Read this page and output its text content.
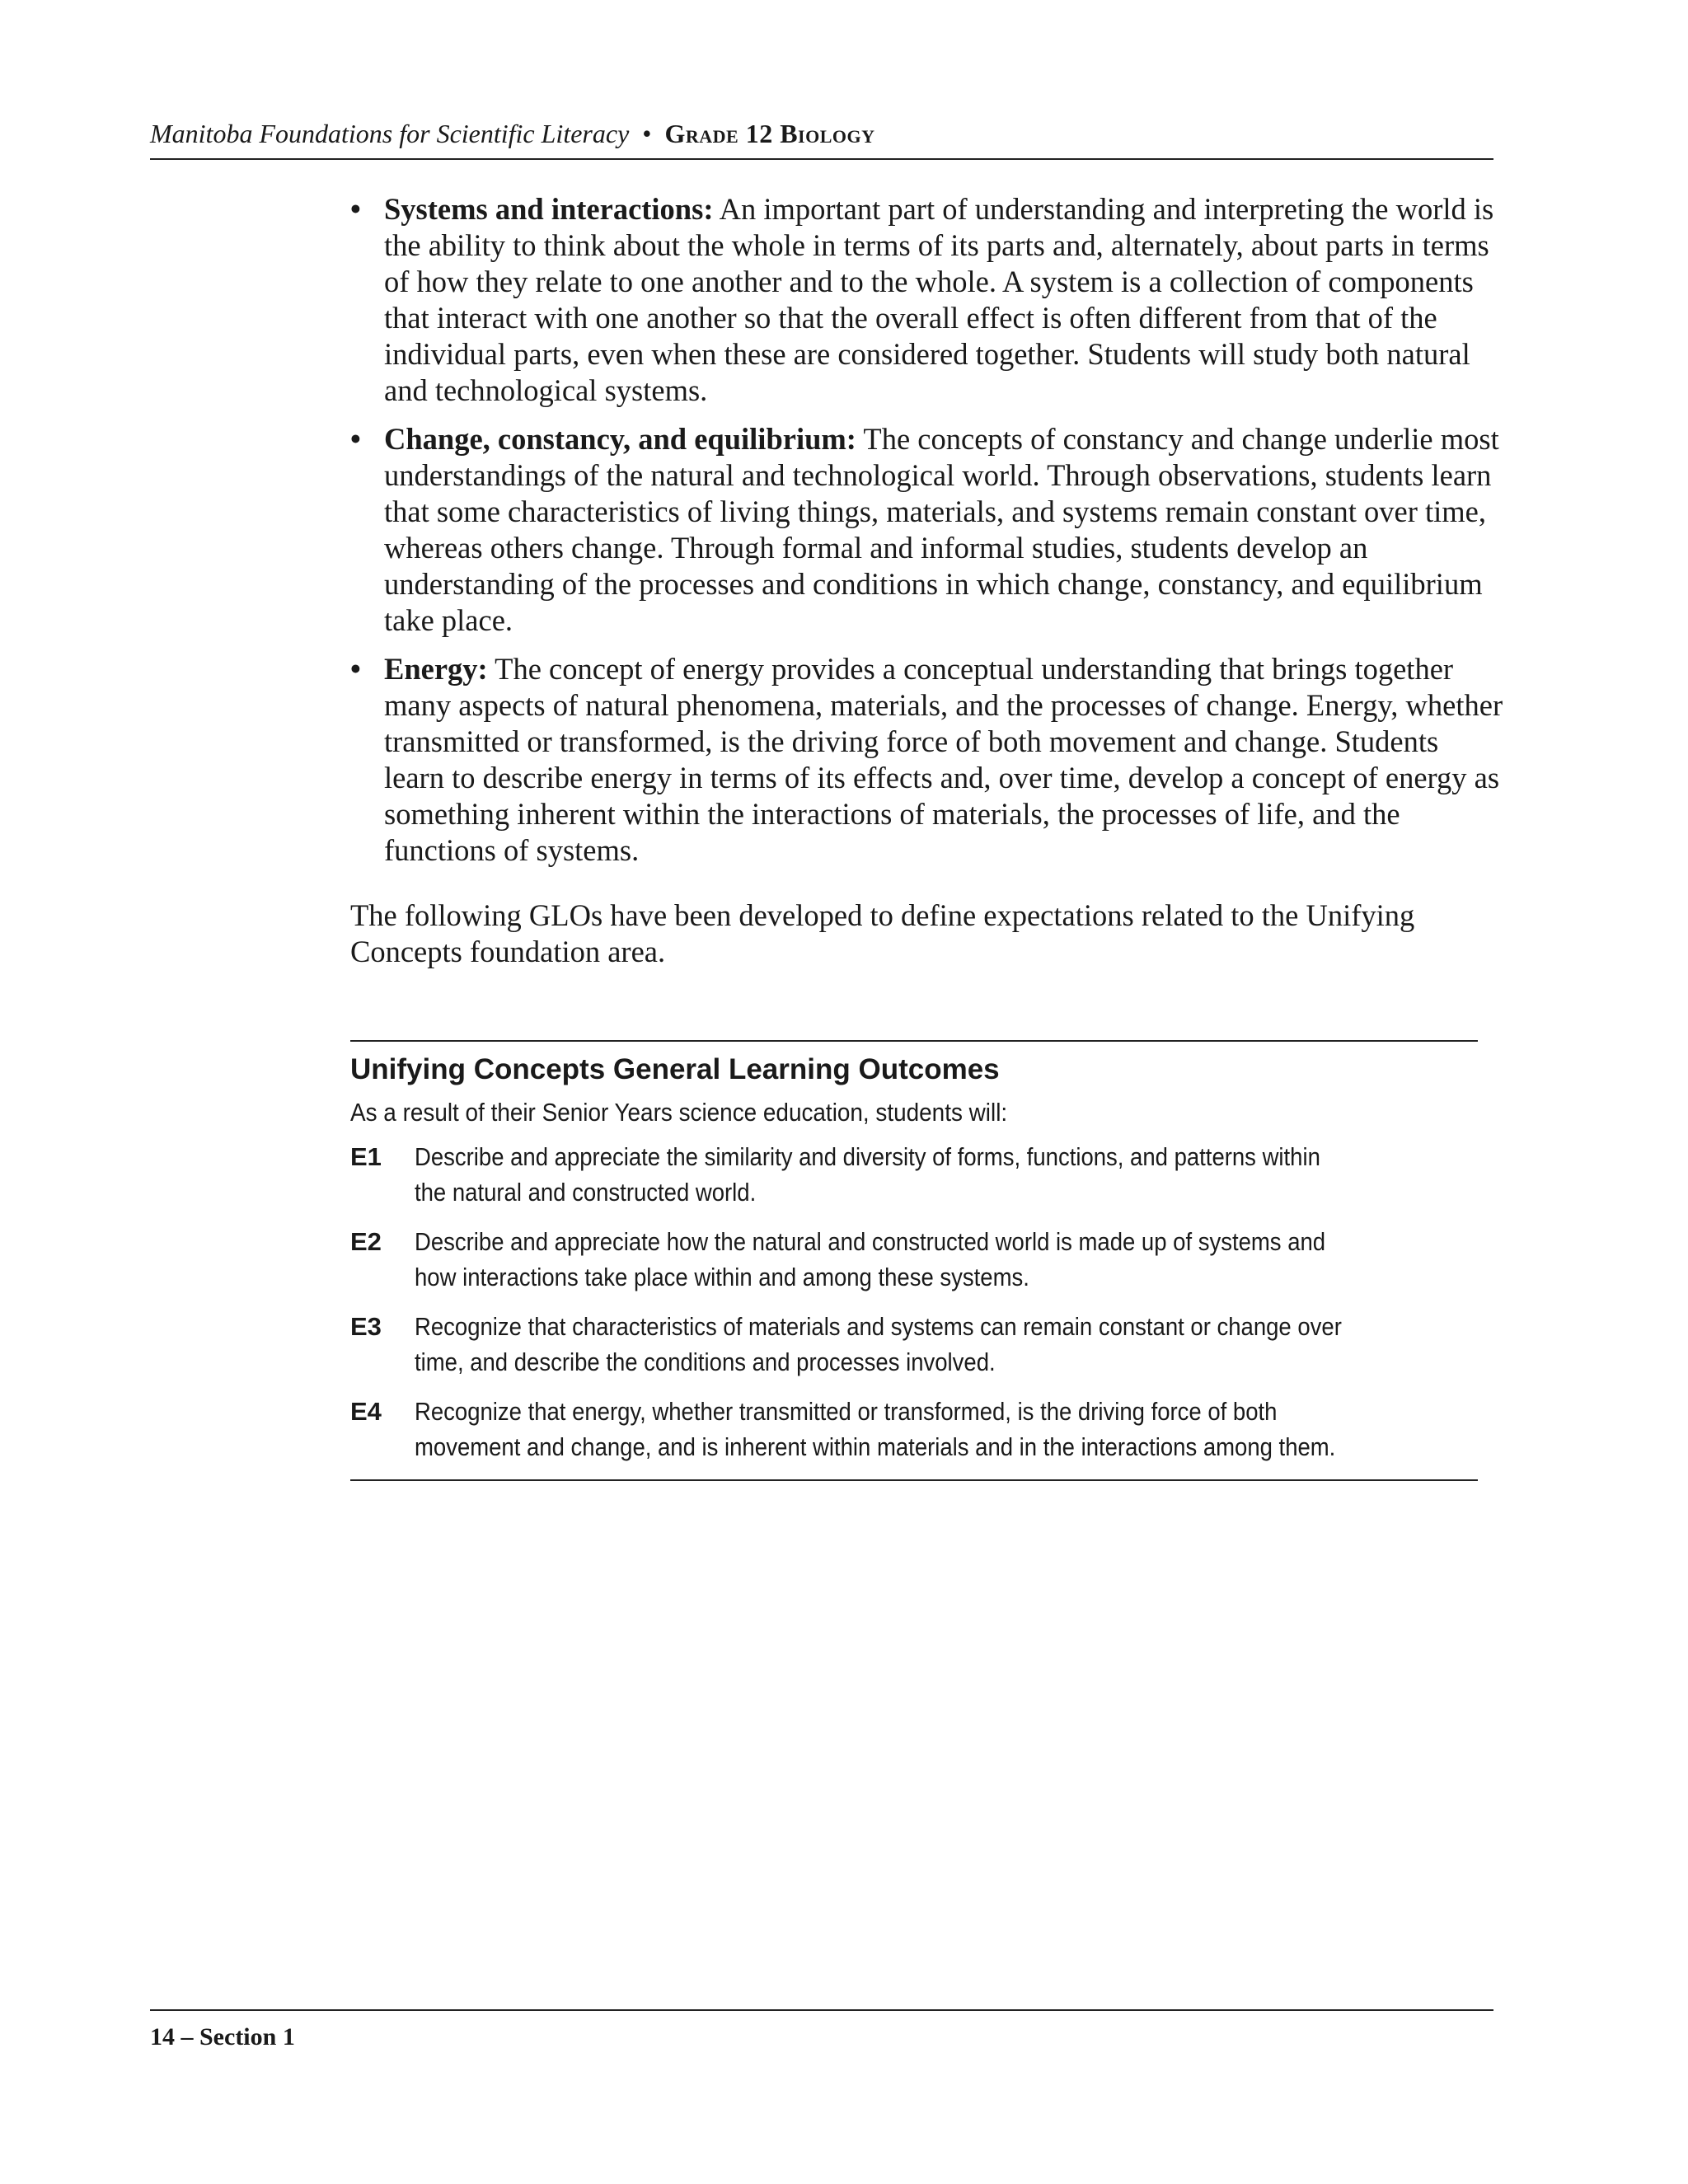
Manitoba Foundations for Scientific Literacy • Grade 12 Biology
• Systems and interactions: An important part of understanding and interpreting the world is the ability to think about the whole in terms of its parts and, alternately, about parts in terms of how they relate to one another and to the whole. A system is a collection of components that interact with one another so that the overall effect is often different from that of the individual parts, even when these are considered together. Students will study both natural and technological systems.
• Change, constancy, and equilibrium: The concepts of constancy and change underlie most understandings of the natural and technological world. Through observations, students learn that some characteristics of living things, materials, and systems remain constant over time, whereas others change. Through formal and informal studies, students develop an understanding of the processes and conditions in which change, constancy, and equilibrium take place.
• Energy: The concept of energy provides a conceptual understanding that brings together many aspects of natural phenomena, materials, and the processes of change. Energy, whether transmitted or transformed, is the driving force of both movement and change. Students learn to describe energy in terms of its effects and, over time, develop a concept of energy as something inherent within the interactions of materials, the processes of life, and the functions of systems.

The following GLOs have been developed to define expectations related to the Unifying Concepts foundation area.

Unifying Concepts General Learning Outcomes

As a result of their Senior Years science education, students will:

E1	Describe and appreciate the similarity and diversity of forms, functions, and patterns within the natural and constructed world.
E2	Describe and appreciate how the natural and constructed world is made up of systems and how interactions take place within and among these systems.
E3	Recognize that characteristics of materials and systems can remain constant or change over time, and describe the conditions and processes involved.
E4	Recognize that energy, whether transmitted or transformed, is the driving force of both movement and change, and is inherent within materials and in the interactions among them.
14 – Section 1
